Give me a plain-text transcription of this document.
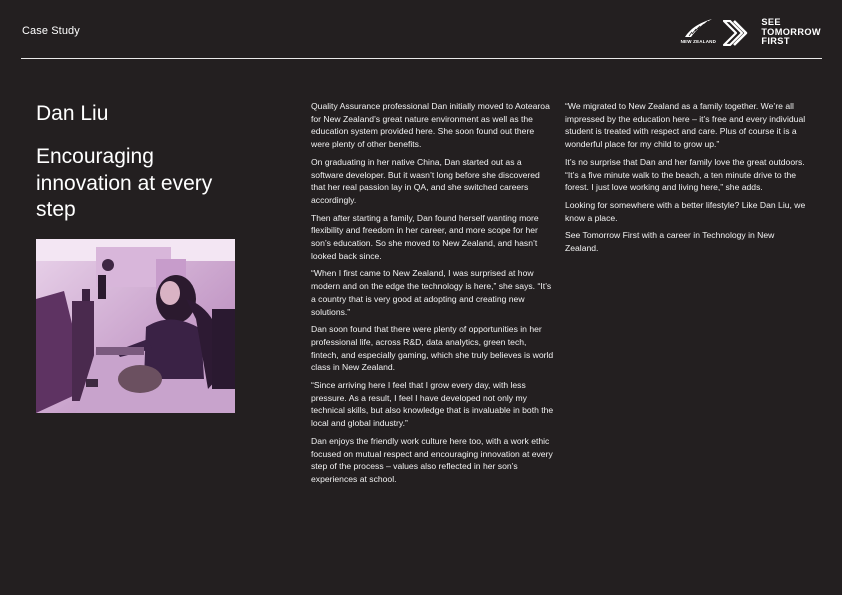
Case Study
NEW ZEALAND
SEE
TOMORROW
FIRST
Dan Liu
Encouraging innovation at every step

Quality Assurance professional Dan initially moved to Aotearoa for New Zealand’s great nature environment as well as the education system provided here. She soon found out there were plenty of other benefits.

On graduating in her native China, Dan started out as a software developer. But it wasn’t long before she discovered that her real passion lay in QA, and she switched careers accordingly.

Then after starting a family, Dan found herself wanting more flexibility and freedom in her career, and more scope for her son’s education. So she moved to New Zealand, and hasn’t looked back since.

“When I first came to New Zealand, I was surprised at how modern and on the edge the technology is here,” she says. “It’s a country that is very good at adopting and creating new solutions.”

Dan soon found that there were plenty of opportunities in her professional life, across R&D, data analytics, green tech, fintech, and especially gaming, which she truly believes is world class in New Zealand.

“Since arriving here I feel that I grow every day, with less pressure. As a result, I feel I have developed not only my technical skills, but also knowledge that is invaluable in both the local and global industry.”

Dan enjoys the friendly work culture here too, with a work ethic focused on mutual respect and encouraging innovation at every step of the process – values also reflected in her son’s experiences at school.

“We migrated to New Zealand as a family together. We’re all impressed by the education here – it’s free and every individual student is treated with respect and care. Plus of course it is a wonderful place for my child to grow up.”

It’s no surprise that Dan and her family love the great outdoors. “It’s a five minute walk to the beach, a ten minute drive to the forest. I just love working and living here,” she adds.

Looking for somewhere with a better lifestyle? Like Dan Liu, we know a place.

See Tomorrow First with a career in Technology in New Zealand.
